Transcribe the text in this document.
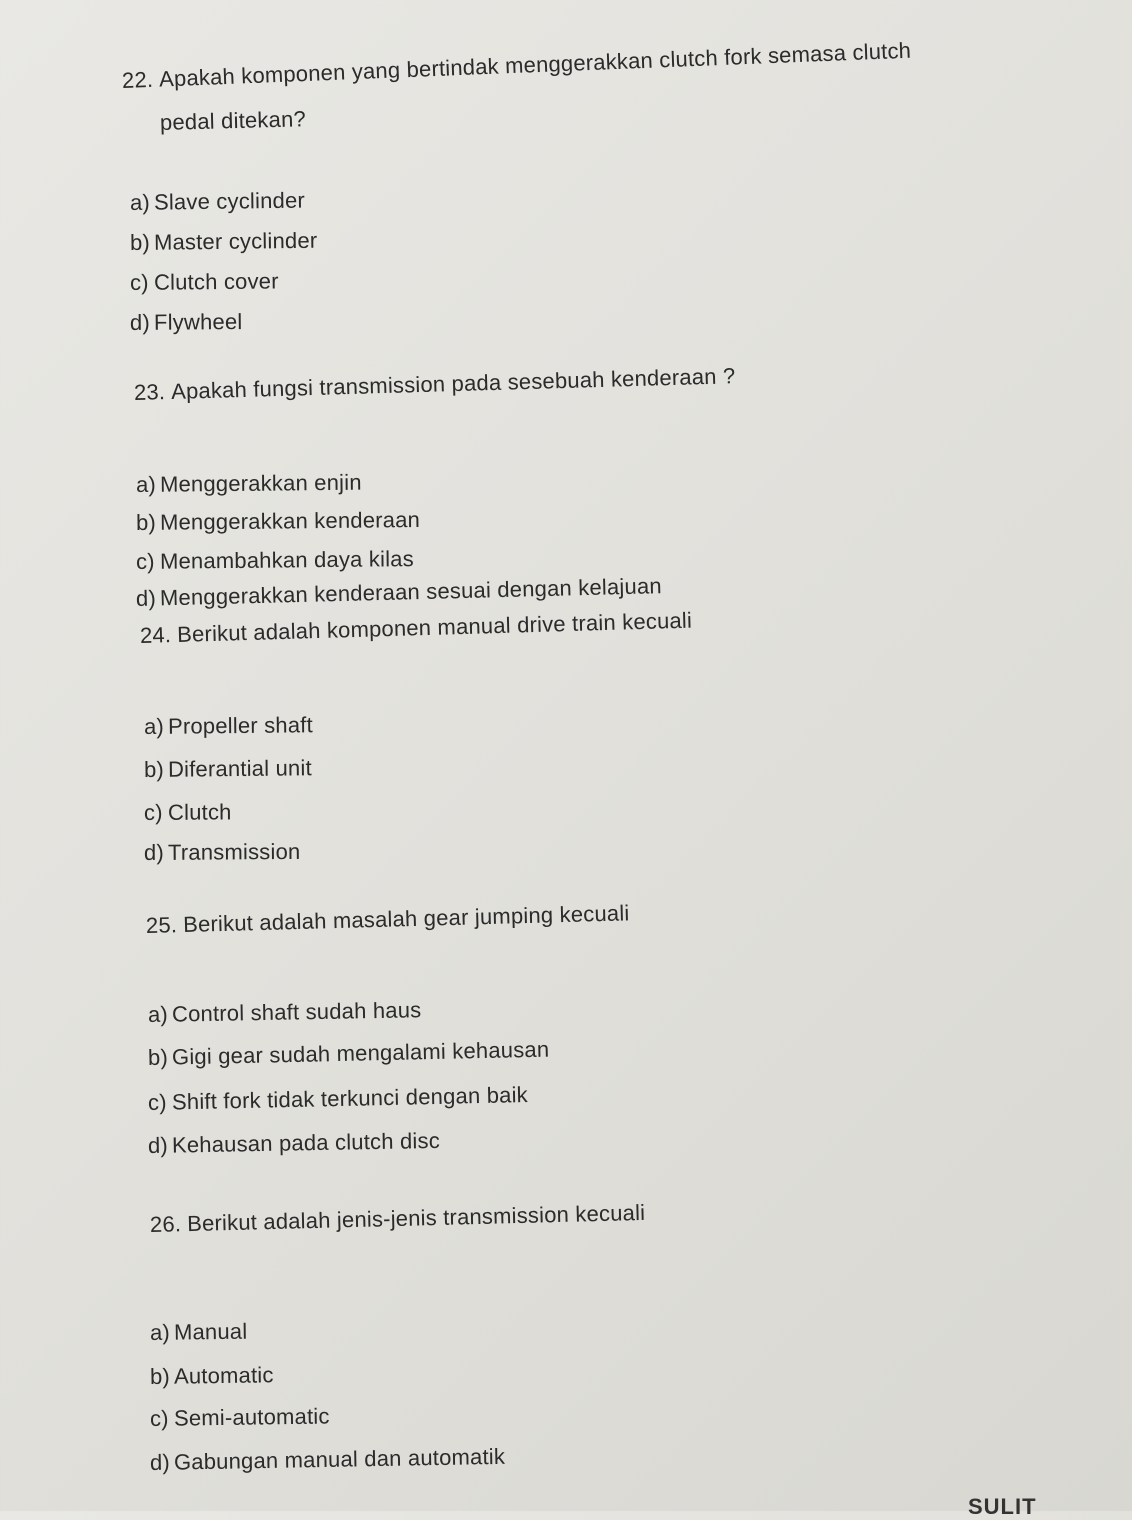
22. Apakah komponen yang bertindak menggerakkan clutch fork semasa clutch

pedal ditekan?

a) Slave cyclinder

b) Master cyclinder

c) Clutch cover

d) Flywheel

23. Apakah fungsi transmission pada sesebuah kenderaan ?

a) Menggerakkan enjin

b) Menggerakkan kenderaan

c) Menambahkan daya kilas

d) Menggerakkan kenderaan sesuai dengan kelajuan

24. Berikut adalah komponen manual drive train kecuali

a) Propeller shaft

b) Diferantial unit

c) Clutch

d) Transmission

25. Berikut adalah masalah gear jumping kecuali

a) Control shaft sudah haus

b) Gigi gear sudah mengalami kehausan

c) Shift fork tidak terkunci dengan baik

d) Kehausan pada clutch disc

26. Berikut adalah jenis-jenis transmission kecuali

a) Manual

b) Automatic

c) Semi-automatic

d) Gabungan manual dan automatik

SULIT
